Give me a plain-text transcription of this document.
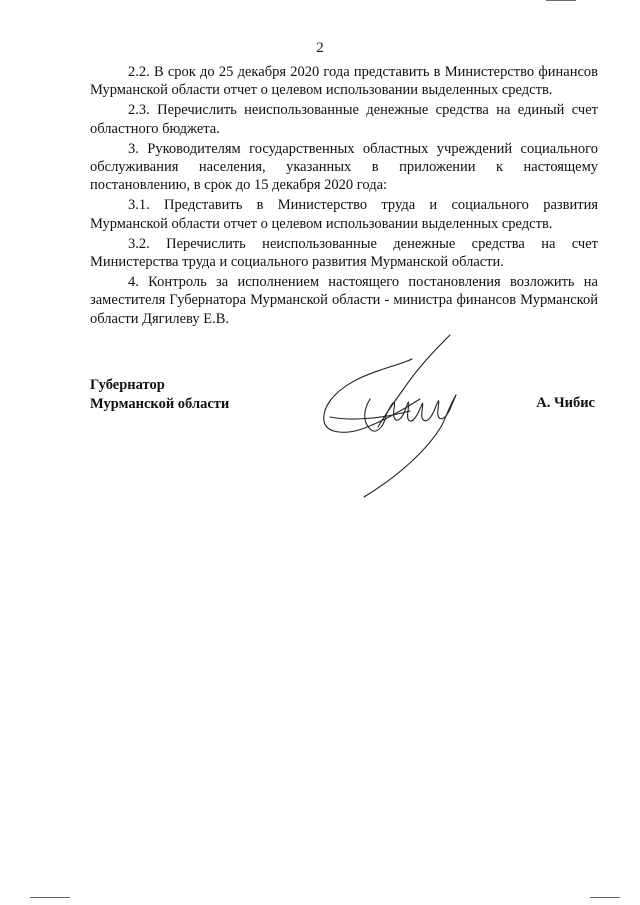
2

2.2. В срок до 25 декабря 2020 года представить в Министерство финансов Мурманской области отчет о целевом использовании выделенных средств.

2.3. Перечислить неиспользованные денежные средства на единый счет областного бюджета.

3. Руководителям государственных областных учреждений социального обслуживания населения, указанных в приложении к настоящему постановлению, в срок до 15 декабря 2020 года:

3.1. Представить в Министерство труда и социального развития Мурманской области отчет о целевом использовании выделенных средств.

3.2. Перечислить неиспользованные денежные средства на счет Министерства труда и социального развития Мурманской области.

4. Контроль за исполнением настоящего постановления возложить на заместителя Губернатора Мурманской области - министра финансов Мурманской области Дягилеву Е.В.

Губернатор
Мурманской области	А. Чибис
